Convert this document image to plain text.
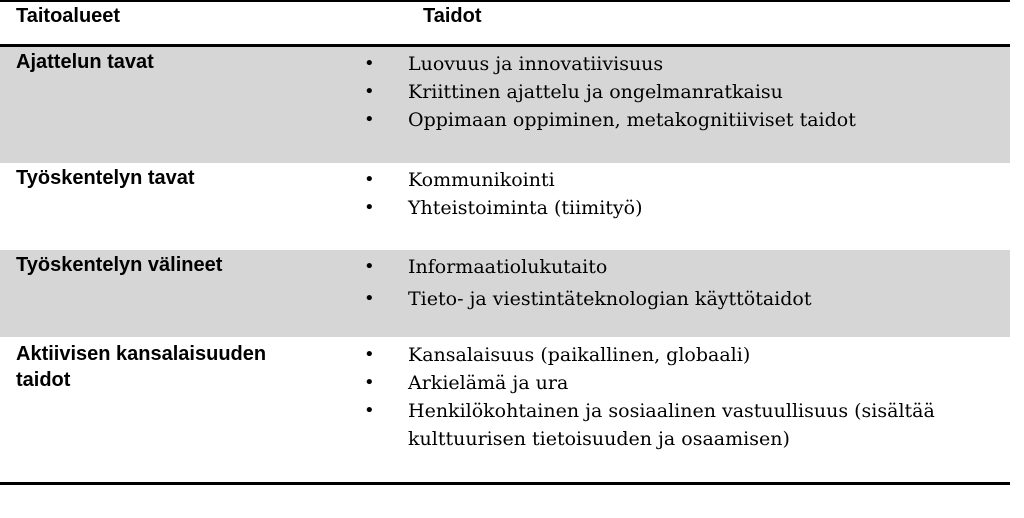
Taitoalueet	Taidot
Ajattelun tavat	• Luovuus ja innovatiivisuus
• Kriittinen ajattelu ja ongelmanratkaisu
• Oppimaan oppiminen, metakognitiiviset taidot
Työskentelyn tavat	• Kommunikointi
• Yhteistoiminta (tiimityö)
Työskentelyn välineet	• Informaatiolukutaito
• Tieto- ja viestintäteknologian käyttötaidot
Aktiivisen kansalaisuuden taidot
• Kansalaisuus (paikallinen, globaali)
• Arkielämä ja ura
• Henkilökohtainen ja sosiaalinen vastuullisuus (sisältää kulttuurisen tietoisuuden ja osaamisen)
